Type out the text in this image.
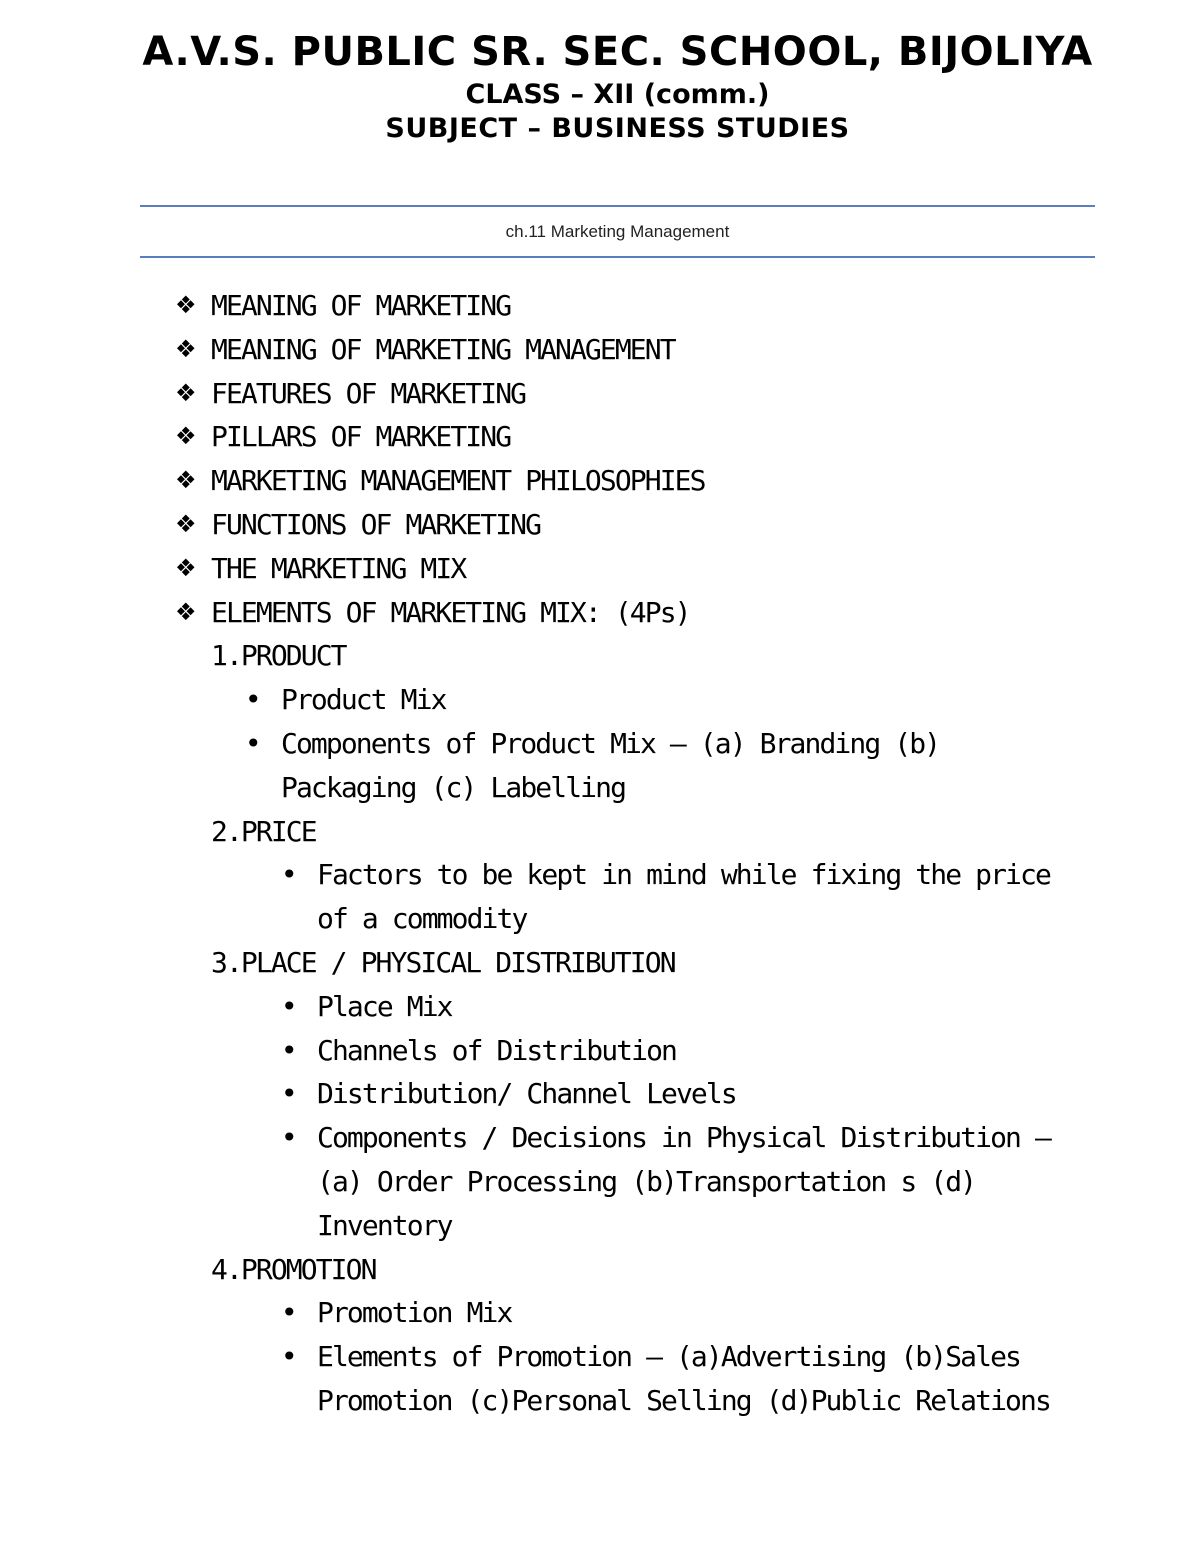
A.V.S. PUBLIC SR. SEC. SCHOOL, BIJOLIYA
CLASS – XII (comm.)
SUBJECT – BUSINESS STUDIES
ch.11 Marketing Management
❖ MEANING OF MARKETING
❖ MEANING OF MARKETING MANAGEMENT
❖ FEATURES OF MARKETING
❖ PILLARS OF MARKETING
❖ MARKETING MANAGEMENT PHILOSOPHIES
❖ FUNCTIONS OF MARKETING
❖ THE MARKETING MIX
❖ ELEMENTS OF MARKETING MIX: (4Ps)
1.PRODUCT
• Product Mix
• Components of Product Mix – (a) Branding (b) Packaging (c) Labelling
2.PRICE
• Factors to be kept in mind while fixing the price of a commodity
3.PLACE / PHYSICAL DISTRIBUTION
• Place Mix
• Channels of Distribution
• Distribution/ Channel Levels
• Components / Decisions in Physical Distribution – (a) Order Processing (b)Transportation s (d) Inventory
4.PROMOTION
• Promotion Mix
• Elements of Promotion – (a)Advertising (b)Sales Promotion (c)Personal Selling (d)Public Relations
